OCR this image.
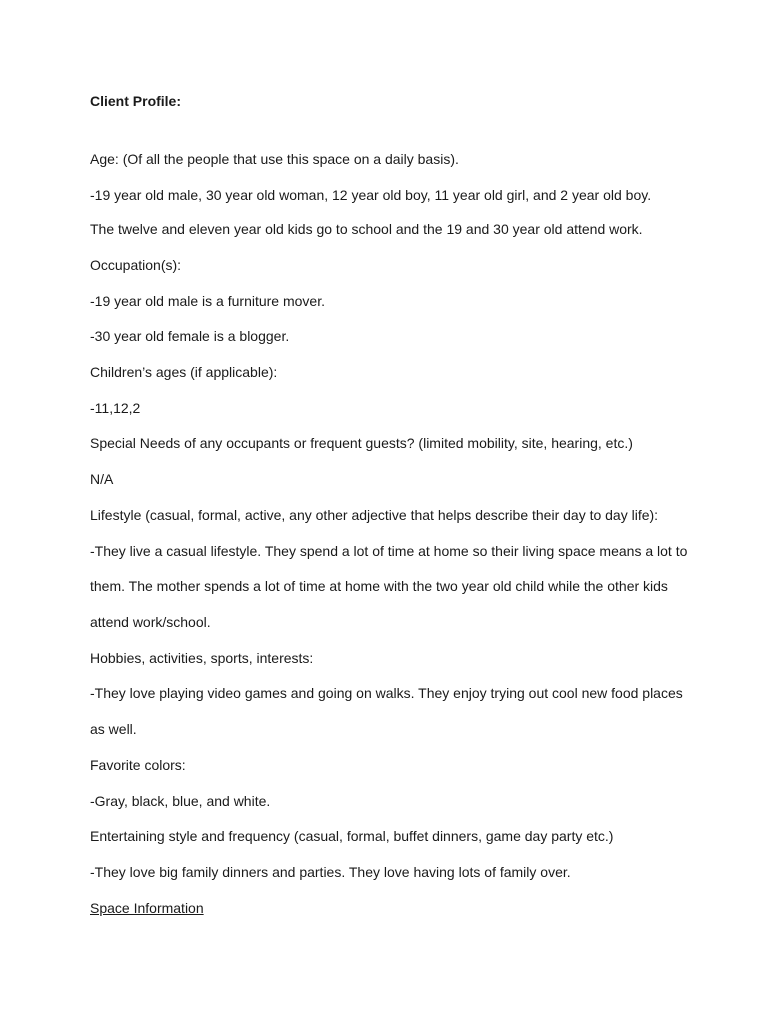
Client Profile:
Age: (Of all the people that use this space on a daily basis).
-19 year old male, 30 year old woman, 12 year old boy, 11 year old girl, and 2 year old boy.
The twelve and eleven year old kids go to school and the 19 and 30 year old attend work.
Occupation(s):
-19 year old male is a furniture mover.
-30 year old female is a blogger.
Children’s ages (if applicable):
-11,12,2
Special Needs of any occupants or frequent guests? (limited mobility, site, hearing, etc.)
N/A
Lifestyle (casual, formal, active, any other adjective that helps describe their day to day life):
-They live a casual lifestyle. They spend a lot of time at home so their living space means a lot to
them. The mother spends a lot of time at home with the two year old child while the other kids
attend work/school.
Hobbies, activities, sports, interests:
-They love playing video games and going on walks. They enjoy trying out cool new food places
as well.
Favorite colors:
-Gray, black, blue, and white.
Entertaining style and frequency (casual, formal, buffet dinners, game day party etc.)
-They love big family dinners and parties. They love having lots of family over.
Space Information
